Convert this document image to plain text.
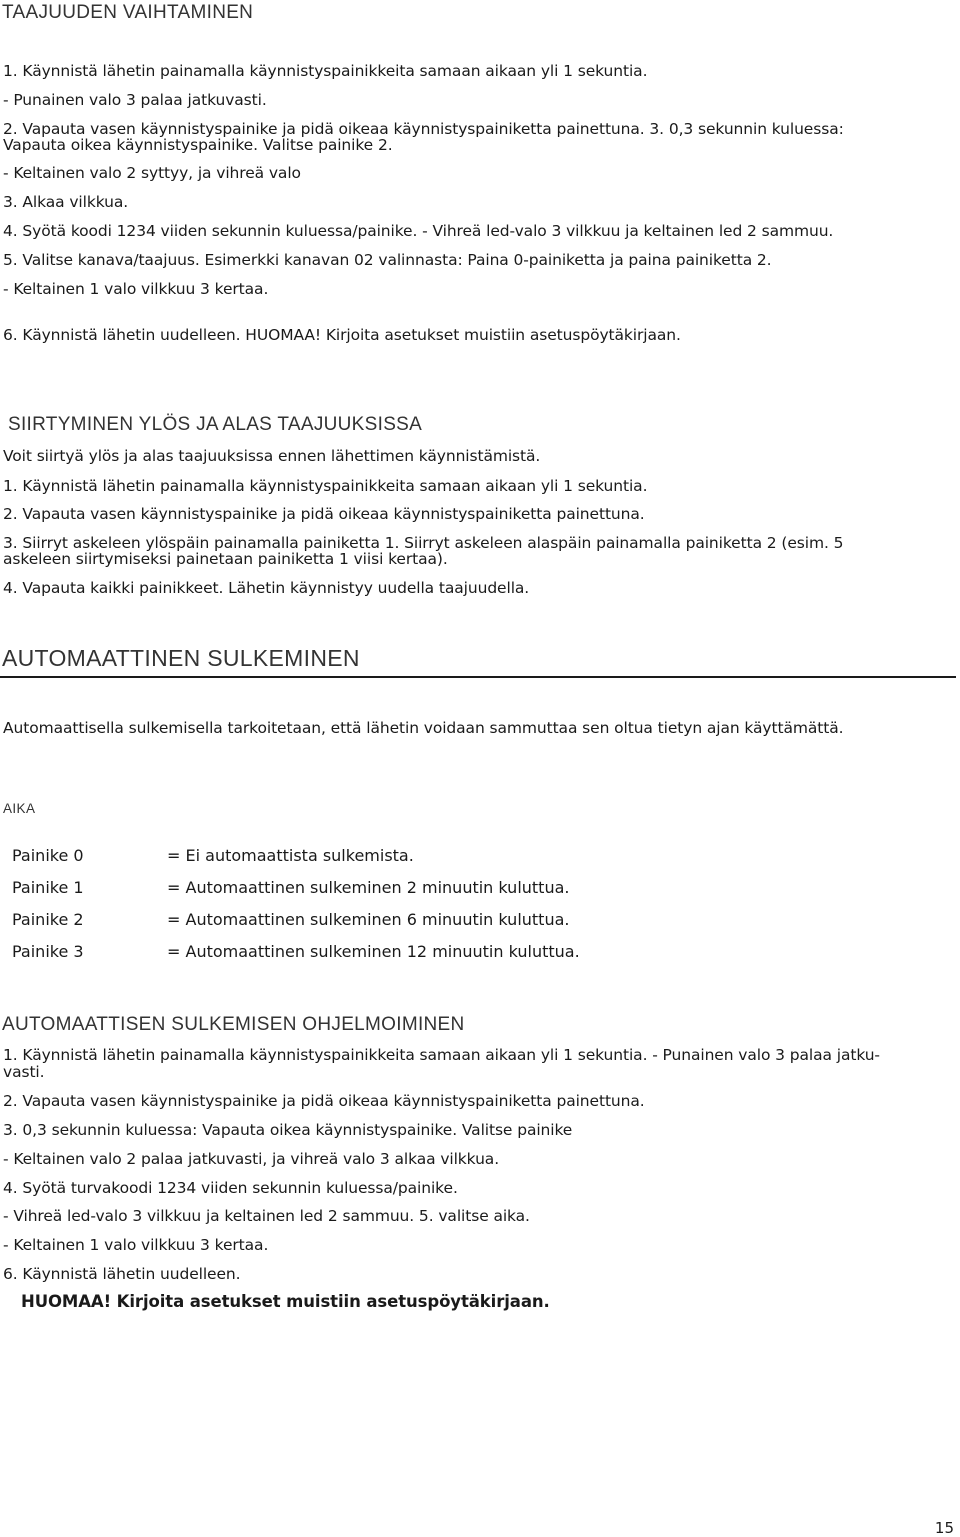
TAAJUUDEN VAIHTAMINEN

1. Käynnistä lähetin painamalla käynnistyspainikkeita samaan aikaan yli 1 sekuntia.

- Punainen valo 3 palaa jatkuvasti.

2. Vapauta vasen käynnistyspainike ja pidä oikeaa käynnistyspainiketta painettuna. 3. 0,3 sekunnin kuluessa:

Vapauta oikea käynnistyspainike. Valitse painike 2.

- Keltainen valo 2 syttyy, ja vihreä valo

3. Alkaa vilkkua.

4. Syötä koodi 1234 viiden sekunnin kuluessa/painike. - Vihreä led-valo 3 vilkkuu ja keltainen led 2 sammuu.

5. Valitse kanava/taajuus. Esimerkki kanavan 02 valinnasta: Paina 0-painiketta ja paina painiketta 2.

- Keltainen 1 valo vilkkuu 3 kertaa.

6. Käynnistä lähetin uudelleen. HUOMAA! Kirjoita asetukset muistiin asetuspöytäkirjaan.

SIIRTYMINEN YLÖS JA ALAS TAAJUUKSISSA

Voit siirtyä ylös ja alas taajuuksissa ennen lähettimen käynnistämistä.

1. Käynnistä lähetin painamalla käynnistyspainikkeita samaan aikaan yli 1 sekuntia.

2. Vapauta vasen käynnistyspainike ja pidä oikeaa käynnistyspainiketta painettuna.

3. Siirryt askeleen ylöspäin painamalla painiketta 1. Siirryt askeleen alaspäin painamalla painiketta 2 (esim. 5

askeleen siirtymiseksi painetaan painiketta 1 viisi kertaa).

4. Vapauta kaikki painikkeet. Lähetin käynnistyy uudella taajuudella.

AUTOMAATTINEN SULKEMINEN

Automaattisella sulkemisella tarkoitetaan, että lähetin voidaan sammuttaa sen oltua tietyn ajan käyttämättä.

AIKA

Painike 0	= Ei automaattista sulkemista.

Painike 1	= Automaattinen sulkeminen 2 minuutin kuluttua.

Painike 2	= Automaattinen sulkeminen 6 minuutin kuluttua.

Painike 3	= Automaattinen sulkeminen 12 minuutin kuluttua.

AUTOMAATTISEN SULKEMISEN OHJELMOIMINEN

1. Käynnistä lähetin painamalla käynnistyspainikkeita samaan aikaan yli 1 sekuntia. - Punainen valo 3 palaa jatku-

vasti.

2. Vapauta vasen käynnistyspainike ja pidä oikeaa käynnistyspainiketta painettuna.

3. 0,3 sekunnin kuluessa: Vapauta oikea käynnistyspainike. Valitse painike

- Keltainen valo 2 palaa jatkuvasti, ja vihreä valo 3 alkaa vilkkua.

4. Syötä turvakoodi 1234 viiden sekunnin kuluessa/painike.

- Vihreä led-valo 3 vilkkuu ja keltainen led 2 sammuu. 5. valitse aika.

- Keltainen 1 valo vilkkuu 3 kertaa.

6. Käynnistä lähetin uudelleen.

HUOMAA! Kirjoita asetukset muistiin asetuspöytäkirjaan.

15
